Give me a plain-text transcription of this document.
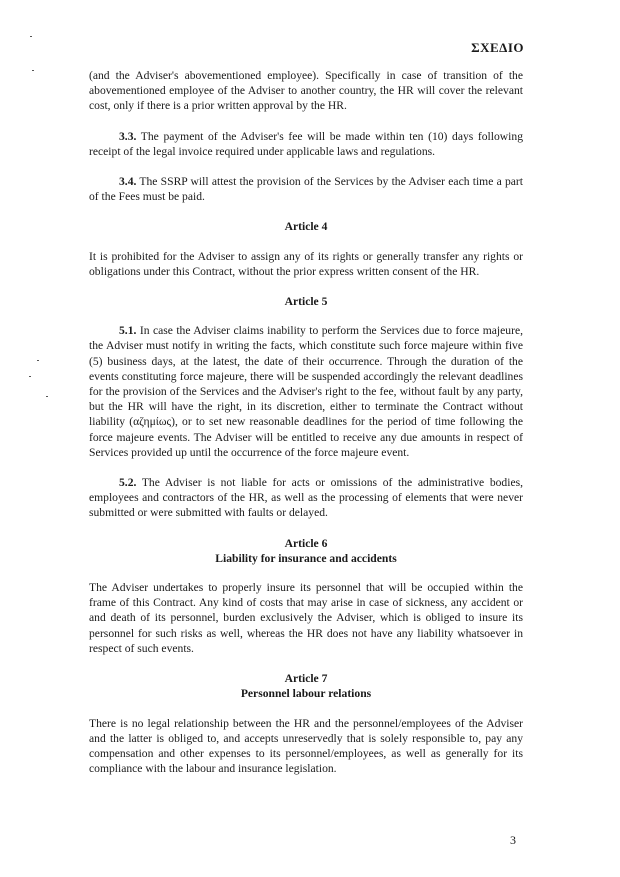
ΣΧΕΔΙΟ

(and the Adviser's abovementioned employee). Specifically in case of transition of the abovementioned employee of the Adviser to another country, the HR will cover the relevant cost, only if there is a prior written approval by the HR.

3.3. The payment of the Adviser's fee will be made within ten (10) days following receipt of the legal invoice required under applicable laws and regulations.

3.4. The SSRP will attest the provision of the Services by the Adviser each time a part of the Fees must be paid.

Article 4

It is prohibited for the Adviser to assign any of its rights or generally transfer any rights or obligations under this Contract, without the prior express written consent of the HR.

Article 5

5.1. In case the Adviser claims inability to perform the Services due to force majeure, the Adviser must notify in writing the facts, which constitute such force majeure within five (5) business days, at the latest, the date of their occurrence. Through the duration of the events constituting force majeure, there will be suspended accordingly the relevant deadlines for the provision of the Services and the Adviser's right to the fee, without fault by any party, but the HR will have the right, in its discretion, either to terminate the Contract without liability (αζημίως), or to set new reasonable deadlines for the period of time following the force majeure events. The Adviser will be entitled to receive any due amounts in respect of Services provided up until the occurrence of the force majeure event.

5.2. The Adviser is not liable for acts or omissions of the administrative bodies, employees and contractors of the HR, as well as the processing of elements that were never submitted or were submitted with faults or delayed.

Article 6
Liability for insurance and accidents

The Adviser undertakes to properly insure its personnel that will be occupied within the frame of this Contract. Any kind of costs that may arise in case of sickness, any accident or and death of its personnel, burden exclusively the Adviser, which is obliged to insure its personnel for such risks as well, whereas the HR does not have any liability whatsoever in respect of such events.

Article 7
Personnel labour relations

There is no legal relationship between the HR and the personnel/employees of the Adviser and the latter is obliged to, and accepts unreservedly that is solely responsible to, pay any compensation and other expenses to its personnel/employees, as well as generally for its compliance with the labour and insurance legislation.

3
